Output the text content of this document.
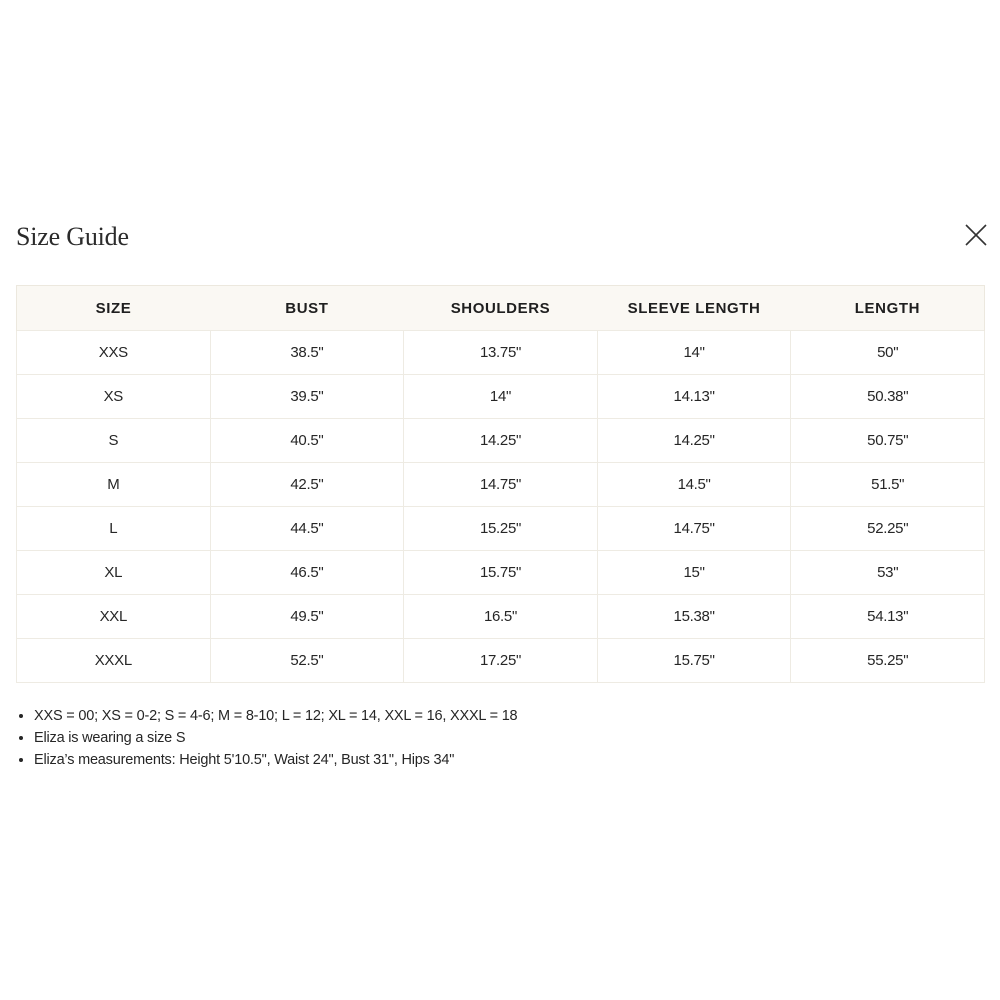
Size Guide
SIZE	BUST	SHOULDERS	SLEEVE LENGTH	LENGTH
XXS	38.5"	13.75"	14"	50"
XS	39.5"	14"	14.13"	50.38"
S	40.5"	14.25"	14.25"	50.75"
M	42.5"	14.75"	14.5"	51.5"
L	44.5"	15.25"	14.75"	52.25"
XL	46.5"	15.75"	15"	53"
XXL	49.5"	16.5"	15.38"	54.13"
XXXL	52.5"	17.25"	15.75"	55.25"
• XXS = 00; XS = 0-2; S = 4-6; M = 8-10; L = 12; XL = 14, XXL = 16, XXXL = 18
• Eliza is wearing a size S
• Eliza’s measurements: Height 5'10.5", Waist 24", Bust 31", Hips 34"
